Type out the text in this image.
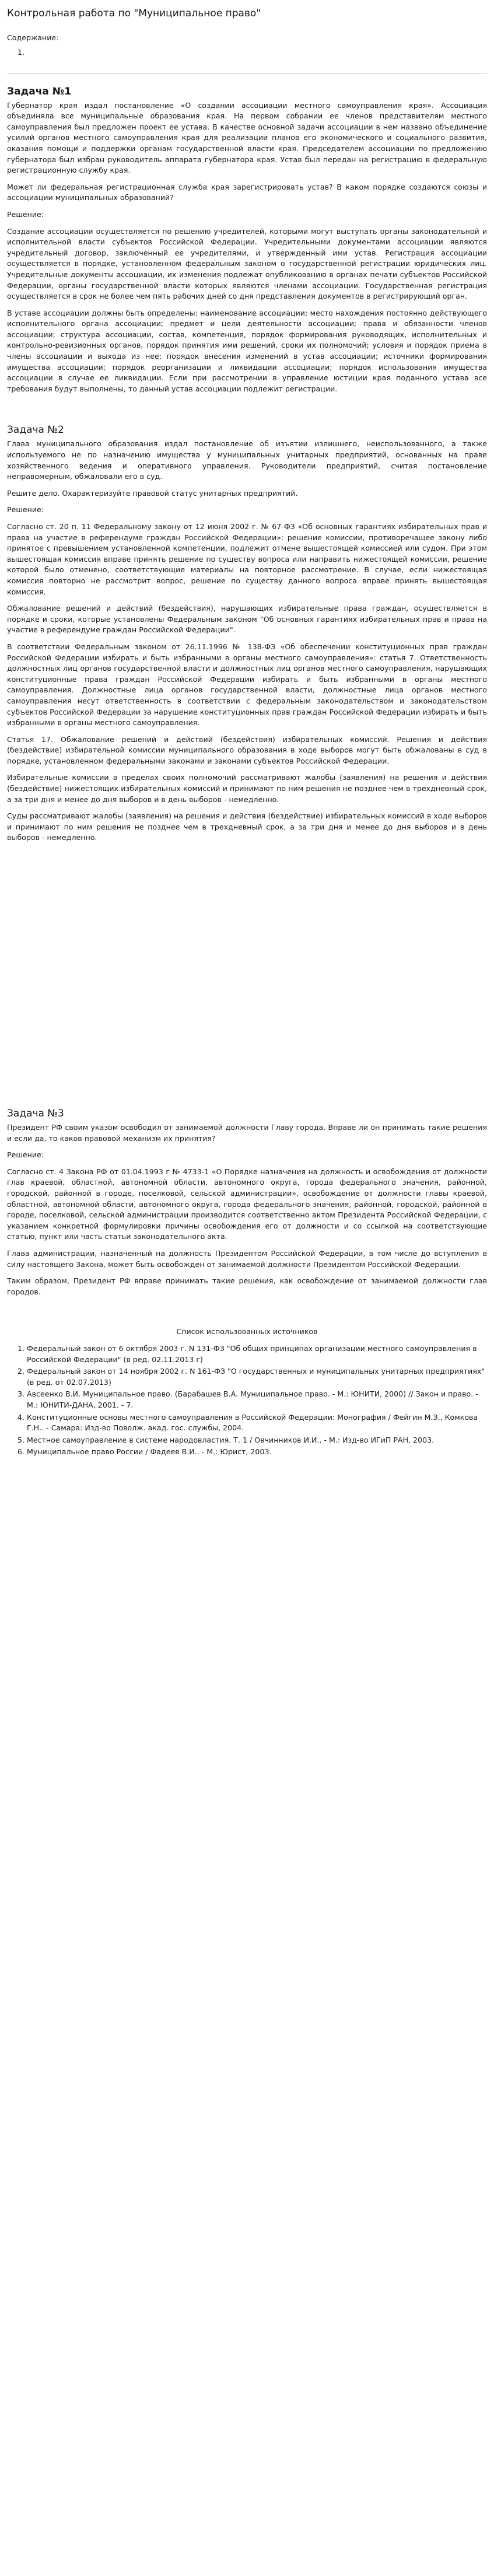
Контрольная работа по "Муниципальное право"
Содержание:
1.
Задача №1

Губернатор края издал постановление «О создании ассоциации местного самоуправления края». Ассоциация объединяла все муниципальные образования края. На первом собрании ее членов представителям местного самоуправления был предложен проект ее устава. В качестве основной задачи ассоциации в нем названо объединение усилий органов местного самоуправления края для реализации планов его экономического и социального развития, оказания помощи и поддержки органам государственной власти края. Председателем ассоциации по предложению губернатора был избран руководитель аппарата губернатора края. Устав был передан на регистрацию в федеральную регистрационную службу края.

Может ли федеральная регистрационная служба края зарегистрировать устав? В каком порядке создаются союзы и ассоциации муниципальных образований?

Решение:

Создание ассоциации осуществляется по решению учредителей, которыми могут выступать органы законодательной и исполнительной власти субъектов Российской Федерации. Учредительными документами ассоциации являются учредительный договор, заключенный ее учредителями, и утвержденный ими устав. Регистрация ассоциации осуществляется в порядке, установленном федеральным законом о государственной регистрации юридических лиц. Учредительные документы ассоциации, их изменения подлежат опубликованию в органах печати субъектов Российской Федерации, органы государственной власти которых являются членами ассоциации. Государственная регистрация осуществляется в срок не более чем пять рабочих дней со дня представления документов в регистрирующий орган.

В уставе ассоциации должны быть определены: наименование ассоциации; место нахождения постоянно действующего исполнительного органа ассоциации; предмет и цели деятельности ассоциации; права и обязанности членов ассоциации; структура ассоциации, состав, компетенция, порядок формирования руководящих, исполнительных и контрольно-ревизионных органов, порядок принятия ими решений, сроки их полномочий; условия и порядок приема в члены ассоциации и выхода из нее; порядок внесения изменений в устав ассоциации; источники формирования имущества ассоциации; порядок реорганизации и ликвидации ассоциации; порядок использования имущества ассоциации в случае ее ликвидации. Если при рассмотрении в управление юстиции края поданного устава все требования будут выполнены, то данный устав ассоциации подлежит регистрации.

Задача №2

Глава муниципального образования издал постановление об изъятии излишнего, неиспользованного, а также используемого не по назначению имущества у муниципальных унитарных предприятий, основанных на праве хозяйственного ведения и оперативного управления. Руководители предприятий, считая постановление неправомерным, обжаловали его в суд.

Решите дело. Охарактеризуйте правовой статус унитарных предприятий.

Решение:

Согласно ст. 20 п. 11 Федеральному закону от 12 июня 2002 г. № 67-ФЗ «Об основных гарантиях избирательных прав и права на участие в референдуме граждан Российской Федерации»: решение комиссии, противоречащее закону либо принятое с превышением установленной компетенции, подлежит отмене вышестоящей комиссией или судом. При этом вышестоящая комиссия вправе принять решение по существу вопроса или направить нижестоящей комиссии, решение которой было отменено, соответствующие материалы на повторное рассмотрение. В случае, если нижестоящая комиссия повторно не рассмотрит вопрос, решение по существу данного вопроса вправе принять вышестоящая комиссия.

Обжалование решений и действий (бездействия), нарушающих избирательные права граждан, осуществляется в порядке и сроки, которые установлены Федеральным законом "Об основных гарантиях избирательных прав и права на участие в референдуме граждан Российской Федерации".

В соответствии Федеральным законом от 26.11.1996 № 138-ФЗ «Об обеспечении конституционных прав граждан Российской Федерации избирать и быть избранными в органы местного самоуправления»: статья 7. Ответственность должностных лиц органов государственной власти и должностных лиц органов местного самоуправления, нарушающих конституционные права граждан Российской Федерации избирать и быть избранными в органы местного самоуправления. Должностные лица органов государственной власти, должностные лица органов местного самоуправления несут ответственность в соответствии с федеральным законодательством и законодательством субъектов Российской Федерации за нарушение конституционных прав граждан Российской Федерации избирать и быть избранными в органы местного самоуправления.

Статья 17. Обжалование решений и действий (бездействия) избирательных комиссий. Решения и действия (бездействие) избирательной комиссии муниципального образования в ходе выборов могут быть обжалованы в суд в порядке, установленном федеральными законами и законами субъектов Российской Федерации.

Избирательные комиссии в пределах своих полномочий рассматривают жалобы (заявления) на решения и действия (бездействие) нижестоящих избирательных комиссий и принимают по ним решения не позднее чем в трехдневный срок, а за три дня и менее до дня выборов и в день выборов - немедленно.

Суды рассматривают жалобы (заявления) на решения и действия (бездействие) избирательных комиссий в ходе выборов и принимают по ним решения не позднее чем в трехдневный срок, а за три дня и менее до дня выборов и в день выборов - немедленно.

Задача №3

Президент РФ своим указом освободил от занимаемой должности Главу города. Вправе ли он принимать такие решения и если да, то каков правовой механизм их принятия?

Решение:

Согласно ст. 4 Закона РФ от 01.04.1993 г № 4733-1 «О Порядке назначения на должность и освобождения от должности глав краевой, областной, автономной области, автономного округа, города федерального значения, районной, городской, районной в городе, поселковой, сельской администрации», освобождение от должности главы краевой, областной, автономной области, автономного округа, города федерального значения, районной, городской, районной в городе, поселковой, сельской администрации производится соответственно актом Президента Российской Федерации, с указанием конкретной формулировки причины освобождения его от должности и со ссылкой на соответствующие статью, пункт или часть статьи законодательного акта.

Глава администрации, назначенный на должность Президентом Российской Федерации, в том числе до вступления в силу настоящего Закона, может быть освобожден от занимаемой должности Президентом Российской Федерации.

Таким образом, Президент РФ вправе принимать такие решения, как освобождение от занимаемой должности глав городов.

Список использованных источников
1. Федеральный закон от 6 октября 2003 г. N 131-ФЗ "Об общих принципах организации местного самоуправления в Российской Федерации" (в ред. 02.11.2013 г)
2. Федеральный закон от 14 ноября 2002 г. N 161-ФЗ "О государственных и муниципальных унитарных предприятиях" (в ред. от 02.07.2013)
3. Авсеенко В.И. Муниципальное право. (Барабашев В.А. Муниципальное право. - М.: ЮНИТИ, 2000) // Закон и право. - М.: ЮНИТИ-ДАНА, 2001. - 7.
4. Конституционные основы местного самоуправления в Российской Федерации: Монография / Фейгин М.З., Комкова Г.Н.. - Самара: Изд-во Поволж. акад. гос. службы, 2004.
5. Местное самоуправление в системе народовластия. Т. 1 / Овчинников И.И.. - М.: Изд-во ИГиП РАН, 2003.
6. Муниципальное право России / Фадеев В.И.. - М.: Юрист, 2003.
